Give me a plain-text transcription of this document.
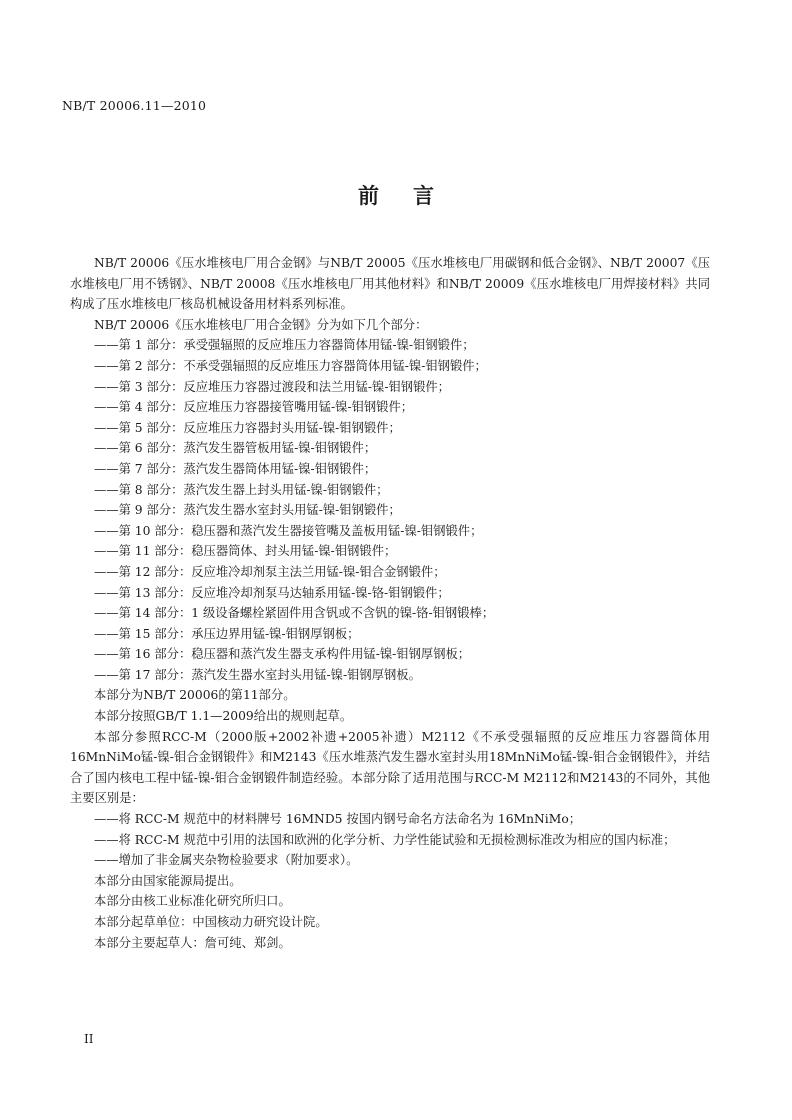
NB/T 20006.11—2010
前言

NB/T 20006《压水堆核电厂用合金钢》与NB/T 20005《压水堆核电厂用碳钢和低合金钢》、NB/T 20007《压水堆核电厂用不锈钢》、NB/T 20008《压水堆核电厂用其他材料》和NB/T 20009《压水堆核电厂用焊接材料》共同构成了压水堆核电厂核岛机械设备用材料系列标准。

NB/T 20006《压水堆核电厂用合金钢》分为如下几个部分：

——第 1 部分：承受强辐照的反应堆压力容器筒体用锰-镍-钼钢锻件；

——第 2 部分：不承受强辐照的反应堆压力容器筒体用锰-镍-钼钢锻件；

——第 3 部分：反应堆压力容器过渡段和法兰用锰-镍-钼钢锻件；

——第 4 部分：反应堆压力容器接管嘴用锰-镍-钼钢锻件；

——第 5 部分：反应堆压力容器封头用锰-镍-钼钢锻件；

——第 6 部分：蒸汽发生器管板用锰-镍-钼钢锻件；

——第 7 部分：蒸汽发生器筒体用锰-镍-钼钢锻件；

——第 8 部分：蒸汽发生器上封头用锰-镍-钼钢锻件；

——第 9 部分：蒸汽发生器水室封头用锰-镍-钼钢锻件；

——第 10 部分：稳压器和蒸汽发生器接管嘴及盖板用锰-镍-钼钢锻件；

——第 11 部分：稳压器筒体、封头用锰-镍-钼钢锻件；

——第 12 部分：反应堆冷却剂泵主法兰用锰-镍-钼合金钢锻件；

——第 13 部分：反应堆冷却剂泵马达轴系用锰-镍-铬-钼钢锻件；

——第 14 部分：1 级设备螺栓紧固件用含钒或不含钒的镍-铬-钼钢锻棒；

——第 15 部分：承压边界用锰-镍-钼钢厚钢板；

——第 16 部分：稳压器和蒸汽发生器支承构件用锰-镍-钼钢厚钢板；

——第 17 部分：蒸汽发生器水室封头用锰-镍-钼钢厚钢板。

本部分为NB/T 20006的第11部分。

本部分按照GB/T 1.1—2009给出的规则起草。

本部分参照RCC-M（2000版+2002补遗+2005补遗）M2112《不承受强辐照的反应堆压力容器筒体用16MnNiMo锰-镍-钼合金钢锻件》和M2143《压水堆蒸汽发生器水室封头用18MnNiMo锰-镍-钼合金钢锻件》，并结合了国内核电工程中锰-镍-钼合金钢锻件制造经验。本部分除了适用范围与RCC-M M2112和M2143的不同外，其他主要区别是：

——将 RCC-M 规范中的材料牌号 16MND5 按国内钢号命名方法命名为 16MnNiMo；

——将 RCC-M 规范中引用的法国和欧洲的化学分析、力学性能试验和无损检测标准改为相应的国内标准；

——增加了非金属夹杂物检验要求（附加要求）。

本部分由国家能源局提出。

本部分由核工业标准化研究所归口。

本部分起草单位：中国核动力研究设计院。

本部分主要起草人：詹可纯、郑剑。

II
